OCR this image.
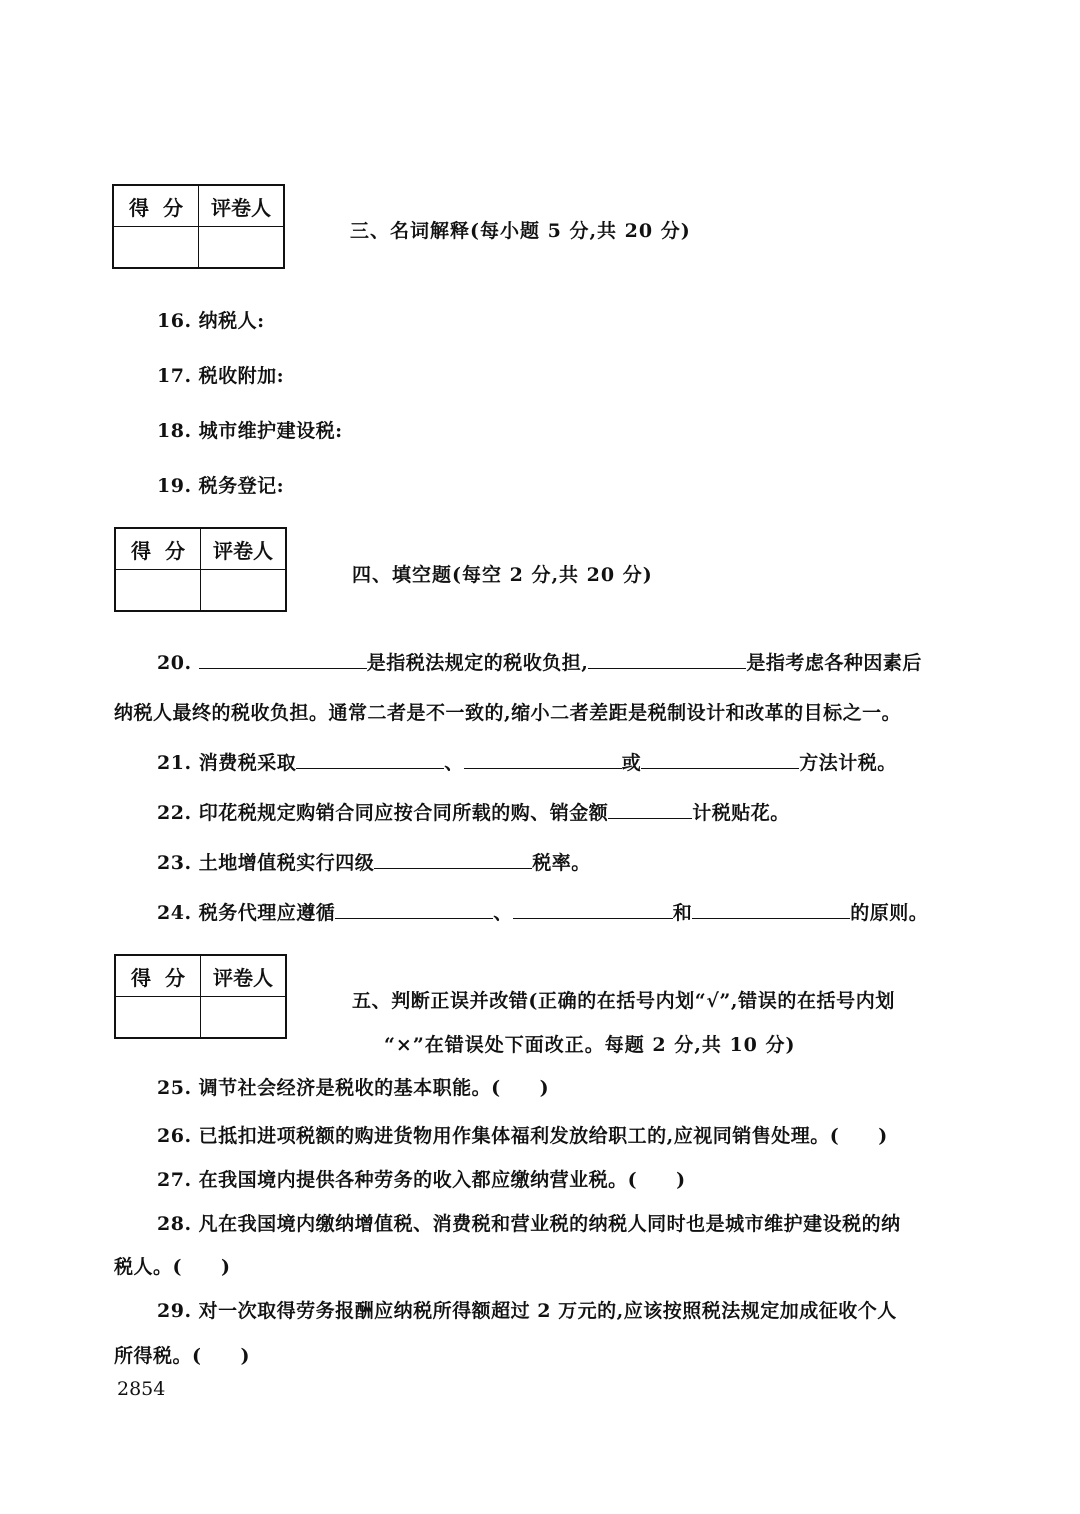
得  分	评卷人

三、名词解释(每小题 5 分,共 20 分)
16. 纳税人:
17. 税收附加:
18. 城市维护建设税:
19. 税务登记:
得  分	评卷人

四、填空题(每空 2 分,共 20 分)
20.	是指税法规定的税收负担,	是指考虑各种因素后
纳税人最终的税收负担。通常二者是不一致的,缩小二者差距是税制设计和改革的目标之一。
21. 消费税采取	、	或	方法计税。
22. 印花税规定购销合同应按合同所载的购、销金额	计税贴花。
23. 土地增值税实行四级	税率。
24. 税务代理应遵循	、	和	的原则。
得  分	评卷人

五、判断正误并改错(正确的在括号内划“√”,错误的在括号内划
“×”在错误处下面改正。每题 2 分,共 10 分)
25. 调节社会经济是税收的基本职能。(　　)
26. 已抵扣进项税额的购进货物用作集体福利发放给职工的,应视同销售处理。(　　)
27. 在我国境内提供各种劳务的收入都应缴纳营业税。(　　)
28. 凡在我国境内缴纳增值税、消费税和营业税的纳税人同时也是城市维护建设税的纳
税人。(　　)
29. 对一次取得劳务报酬应纳税所得额超过 2 万元的,应该按照税法规定加成征收个人
所得税。(　　)
2854
